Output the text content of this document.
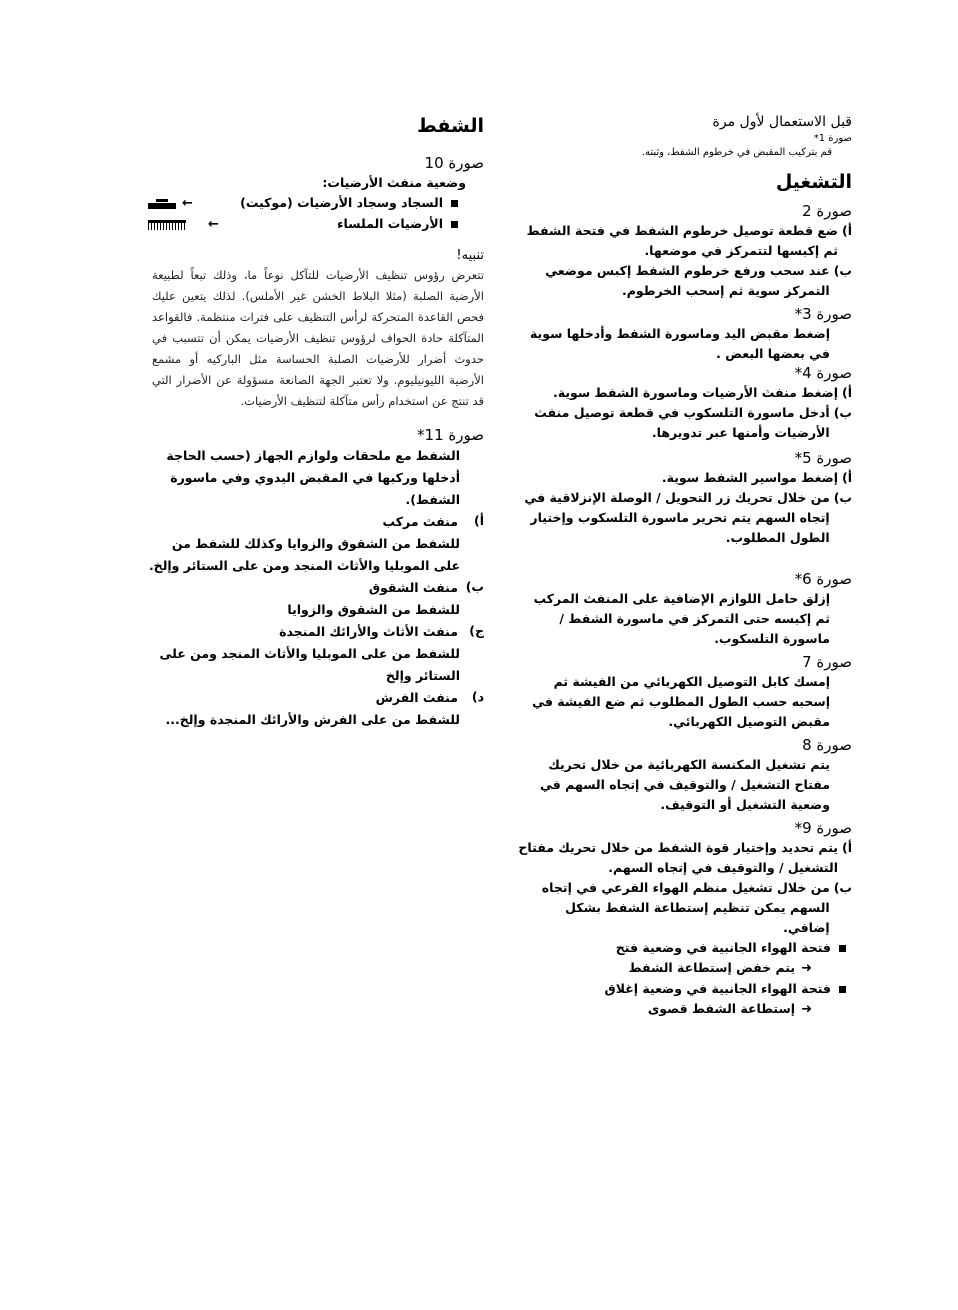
قبل الاستعمال لأول مرة
صورة 1*
قم بتركيب المقبض في خرطوم الشفط، وثبته.
التشغيل
صورة 2
أ)
ضع قطعة توصيل خرطوم الشفط في فتحة الشفط ثم إكبسها لتتمركز في موضعها.
ب)
عند سحب ورفع خرطوم الشفط إكبس موضعي التمركز سوية ثم إسحب الخرطوم.
صورة 3*
إضغط مقبض اليد وماسورة الشفط وأدخلها سوية في بعضها البعض .
صورة 4*
أ)
إضغط منفث الأرضيات وماسورة الشفط سوية.
ب)
أدخل ماسورة التلسكوب في قطعة توصيل منفث الأرضيات وأمنها عبر تدويرها.
صورة 5*
أ)
إضغط مواسير الشفط سوية.
ب)
من خلال تحريك زر التحويل / الوصلة الإنزلاقية في إتجاه السهم يتم تحرير ماسورة التلسكوب وإختيار الطول المطلوب.
صورة 6*
إزلق حامل اللوازم الإضافية على المنفث المركب ثم إكبسه حتى التمركز في ماسورة الشفط / ماسورة التلسكوب.
صورة 7
إمسك كابل التوصيل الكهربائي من الفيشة ثم إسحبه حسب الطول المطلوب ثم ضع الفيشة في مقبض التوصيل الكهربائي.
صورة 8
يتم تشغيل المكنسة الكهربائية من خلال تحريك مفتاح التشغيل / والتوقيف في إتجاه السهم في وضعية التشغيل أو التوقيف.
صورة 9*
أ)
يتم تحديد وإختيار قوة الشفط من خلال تحريك مفتاح التشغيل / والتوقيف في إتجاه السهم.
ب)
من خلال تشغيل منظم الهواء الفرعي في إتجاه السهم يمكن تنظيم إستطاعة الشفط بشكل إضافي.
فتحة الهواء الجانبية في وضعية فتح
➜يتم خفض إستطاعة الشفط
فتحة الهواء الجانبية في وضعية إغلاق
➜إستطاعة الشفط قصوى
الشفط
صورة 10
وضعية منفث الأرضيات:
السجاد وسجاد الأرضيات (موكيت)
←
الأرضيات الملساء
←
تنبيه!
تتعرض رؤوس تنظيف الأرضيات للتآكل نوعاً ما، وذلك تبعاً لطبيعة الأرضية الصلبة (مثلا البلاط الخشن غير الأملس). لذلك يتعين عليك فحص القاعدة المتحركة لرأس التنظيف على فترات منتظمة. فالقواعد المتآكلة حادة الحواف لرؤوس تنظيف الأرضيات يمكن أن تتسبب في حدوث أضرار للأرضيات الصلبة الحساسة مثل الباركيه أو مشمع الأرضية الليونيليوم. ولا تعتبر الجهة الصانعة مسؤولة عن الأضرار التي قد تنتج عن استخدام رأس متآكلة لتنظيف الأرضيات.
صورة 11*
الشفط مع ملحقات ولوازم الجهاز (حسب الحاجة أدخلها وركبها في المقبض اليدوي وفي ماسورة الشفط).
أ)
منفث مركب
للشفط من الشقوق والزوايا وكذلك للشفط من على الموبليا والأثاث المنجد ومن على الستائر وإلخ.
ب)
منفث الشقوق
للشفط من الشقوق والزوايا
ج)
منفث الأثاث والأرائك المنجدة
للشفط من على الموبليا والأثاث المنجد ومن على الستائر وإلخ
د)
منفث الفرش
للشفط من على الفرش والأرائك المنجدة وإلخ...
